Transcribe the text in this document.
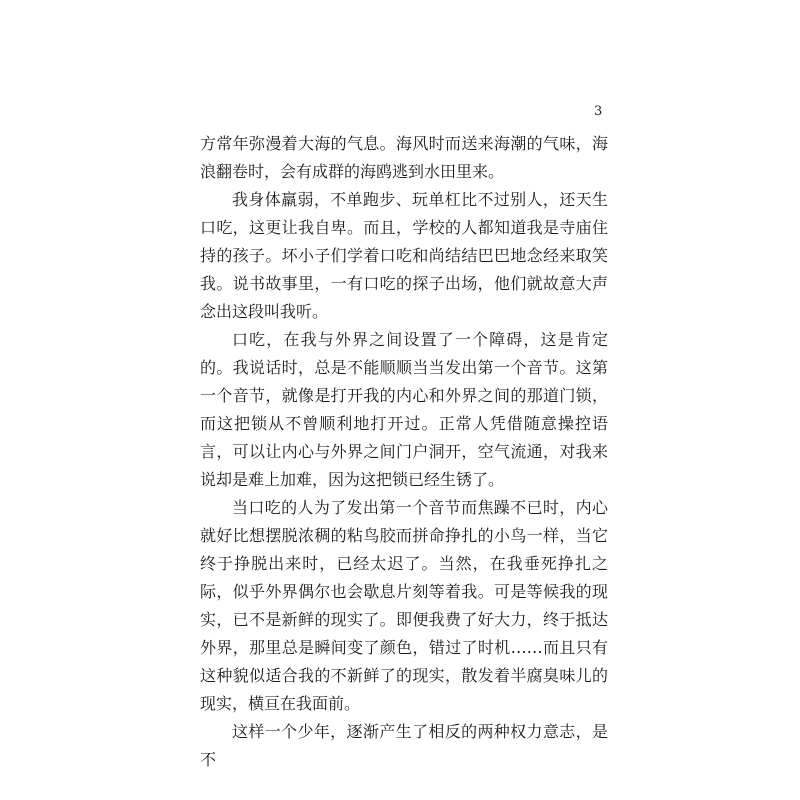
3

方常年弥漫着大海的气息。海风时而送来海潮的气味，海浪翻卷时，会有成群的海鸥逃到水田里来。

我身体羸弱，不单跑步、玩单杠比不过别人，还天生口吃，这更让我自卑。而且，学校的人都知道我是寺庙住持的孩子。坏小子们学着口吃和尚结结巴巴地念经来取笑我。说书故事里，一有口吃的探子出场，他们就故意大声念出这段叫我听。

口吃，在我与外界之间设置了一个障碍，这是肯定的。我说话时，总是不能顺顺当当发出第一个音节。这第一个音节，就像是打开我的内心和外界之间的那道门锁，而这把锁从不曾顺利地打开过。正常人凭借随意操控语言，可以让内心与外界之间门户洞开，空气流通，对我来说却是难上加难，因为这把锁已经生锈了。

当口吃的人为了发出第一个音节而焦躁不已时，内心就好比想摆脱浓稠的粘鸟胶而拼命挣扎的小鸟一样，当它终于挣脱出来时，已经太迟了。当然，在我垂死挣扎之际，似乎外界偶尔也会歇息片刻等着我。可是等候我的现实，已不是新鲜的现实了。即便我费了好大力，终于抵达外界，那里总是瞬间变了颜色，错过了时机……而且只有这种貌似适合我的不新鲜了的现实，散发着半腐臭味儿的现实，横亘在我面前。

这样一个少年，逐渐产生了相反的两种权力意志，是不
